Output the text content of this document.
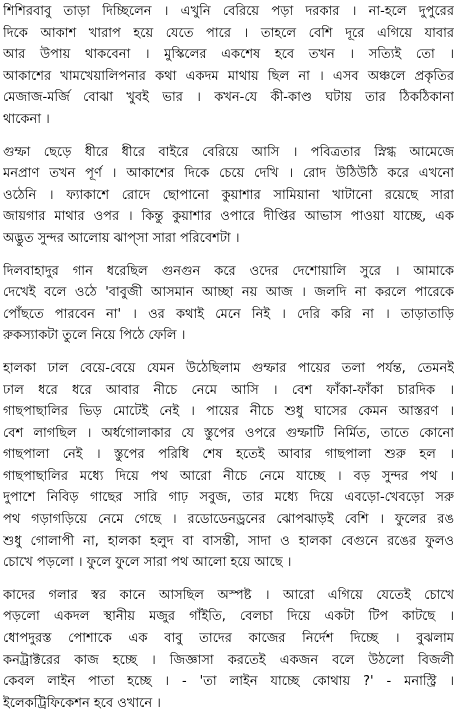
শিশিরবাবু তাড়া দিচ্ছিলেন । এখুনি বেরিয়ে পড়া দরকার । না-হলে দুপুরের
দিকে আকাশ খারাপ হয়ে যেতে পারে । তাহলে বেশি দূরে এগিয়ে যাবার
আর উপায় থাকবেনা । মুস্কিলের একশেষ হবে তখন । সত্যিই তো ।
আকাশের খামখেয়ালিপনার কথা একদম মাথায় ছিল না । এসব অঞ্চলে প্রকৃতির
মেজাজ-মর্জি বোঝা খুবই ভার । কখন-যে কী-কাণ্ড ঘটায় তার ঠিকঠিকানা
থাকেনা ।
গুম্ফা ছেড়ে ধীরে ধীরে বাইরে বেরিয়ে আসি । পবিত্রতার স্নিগ্ধ আমেজে
মনপ্রাণ তখন পূর্ণ । আকাশের দিকে চেয়ে দেখি । রোদ উঠিউঠি করে এখনো
ওঠেনি । ফ্যাকাশে রোদে ছোপানো কুয়াশার সামিয়ানা খাটানো রয়েছে সারা
জায়গার মাথার ওপর । কিন্তু কুয়াশার ওপারে দীপ্তির আভাস পাওয়া যাচ্ছে, এক
অদ্ভুত সুন্দর আলোয় ঝাপ্‌সা সারা পরিবেশটা ।
দিলবাহাদুর গান ধরেছিল গুনগুন করে ওদের দেশোয়ালি সুরে । আমাকে
দেখেই বলে ওঠে 'বাবুজী আসমান আচ্ছা নয় আজ । জলদি না করলে পারেকে
পোঁছতে পারবেন না' । ওর কথাই মেনে নিই । দেরি করি না । তাড়াতাড়ি
রুকস্যাকটা তুলে নিয়ে পিঠে ফেলি ।
হালকা ঢাল বেয়ে-বেয়ে যেমন উঠেছিলাম গুম্ফার পায়ের তলা পর্যন্ত, তেমনই
ঢাল ধরে ধরে আবার নীচে নেমে আসি । বেশ ফাঁকা-ফাঁকা চারদিক ।
গাছপাছালির ভিড় মোটেই নেই । পায়ের নীচে শুধু ঘাসের কেমন আস্তরণ ।
বেশ লাগছিল । অর্ধগোলাকার যে স্তুপের ওপরে গুম্ফাটি নির্মিত, তাতে কোনো
গাছপালা নেই । স্তুপের পরিধি শেষ হতেই আবার গাছপালা শুরু হল ।
গাছপাছালির মধ্যে দিয়ে পথ আরো নীচে নেমে যাচ্ছে । বড় সুন্দর পথ ।
দুপাশে নিবিড় গাছের সারি গাঢ় সবুজ, তার মধ্যে দিয়ে এবড়ো-খেবড়ো সরু
পথ গড়াগড়িয়ে নেমে গেছে । রডোডেনড্রনের ঝোপঝাড়ই বেশি । ফুলের রঙ
শুধু গোলাপী না, হালকা হলুদ বা বাসন্তী, সাদা ও হালকা বেগুনে রঙের ফুলও
চোখে পড়লো । ফুলে ফুলে সারা পথ আলো হয়ে আছে ।
কাদের গলার স্বর কানে আসছিল অস্পষ্ট । আরো এগিয়ে যেতেই চোখে
পড়লো একদল স্থানীয় মজুর গাঁইতি, বেলচা দিয়ে একটা টিপ কাটছে ।
ধোপদুরস্ত পোশাকে এক বাবু তাদের কাজের নির্দেশ দিচ্ছে । বুঝলাম
কনট্রাক্টরের কাজ হচ্ছে । জিজ্ঞাসা করতেই একজন বলে উঠলো বিজলী
কেবল লাইন পাতা হচ্ছে । - 'তা লাইন যাচ্ছে কোথায় ?' - মনাস্ট্রি ।
ইলেকট্রিফিকেশন হবে ওখানে ।
